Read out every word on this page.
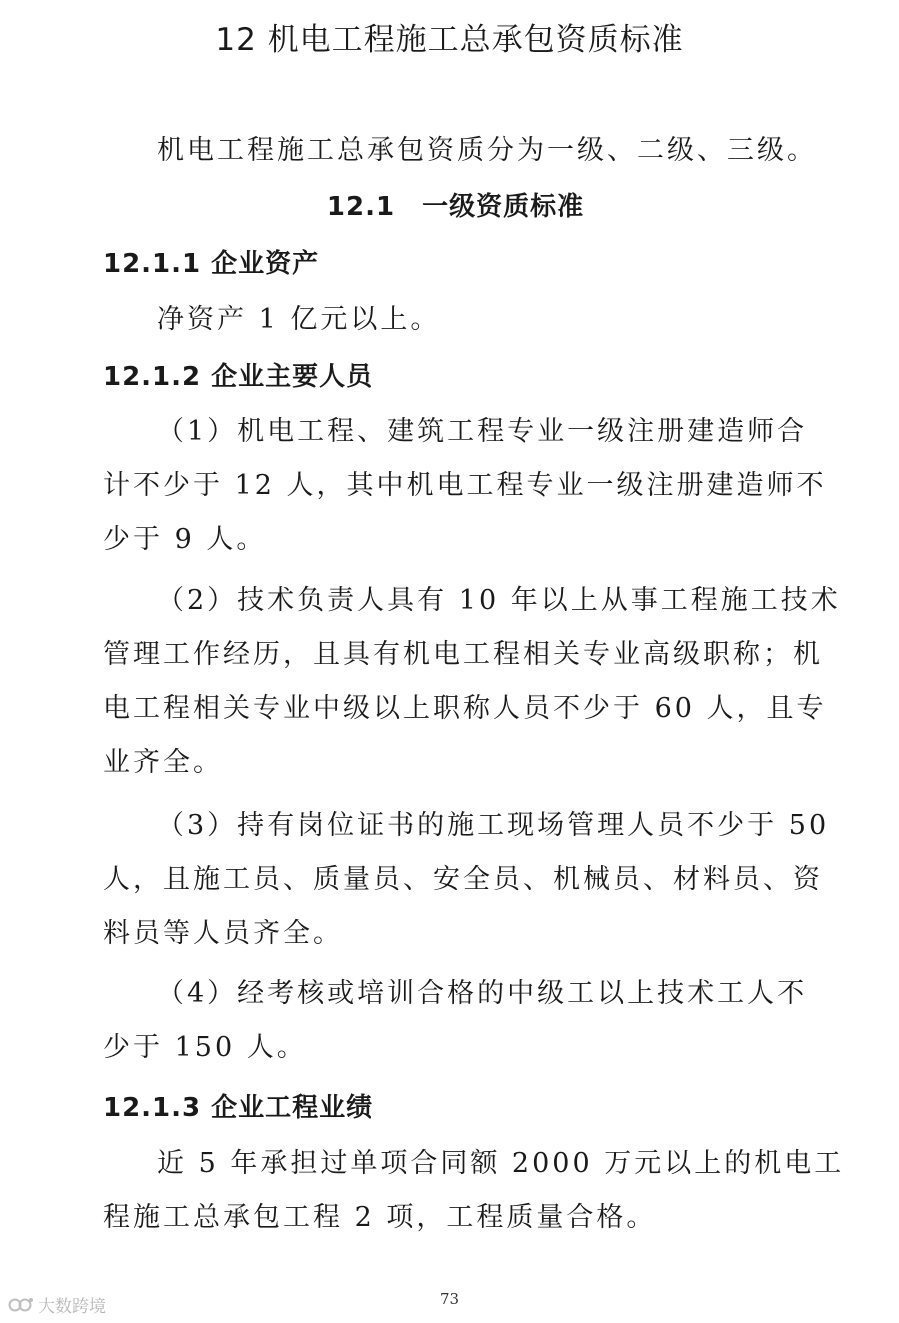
12 机电工程施工总承包资质标准
机电工程施工总承包资质分为一级、二级、三级。
12.1　一级资质标准
12.1.1 企业资产
净资产 1 亿元以上。
12.1.2 企业主要人员
（1）机电工程、建筑工程专业一级注册建造师合
计不少于 12 人，其中机电工程专业一级注册建造师不
少于 9 人。
（2）技术负责人具有 10 年以上从事工程施工技术
管理工作经历，且具有机电工程相关专业高级职称；机
电工程相关专业中级以上职称人员不少于 60 人，且专
业齐全。
（3）持有岗位证书的施工现场管理人员不少于 50
人，且施工员、质量员、安全员、机械员、材料员、资
料员等人员齐全。
（4）经考核或培训合格的中级工以上技术工人不
少于 150 人。
12.1.3 企业工程业绩
近 5 年承担过单项合同额 2000 万元以上的机电工
程施工总承包工程 2 项，工程质量合格。
73
大数跨境
